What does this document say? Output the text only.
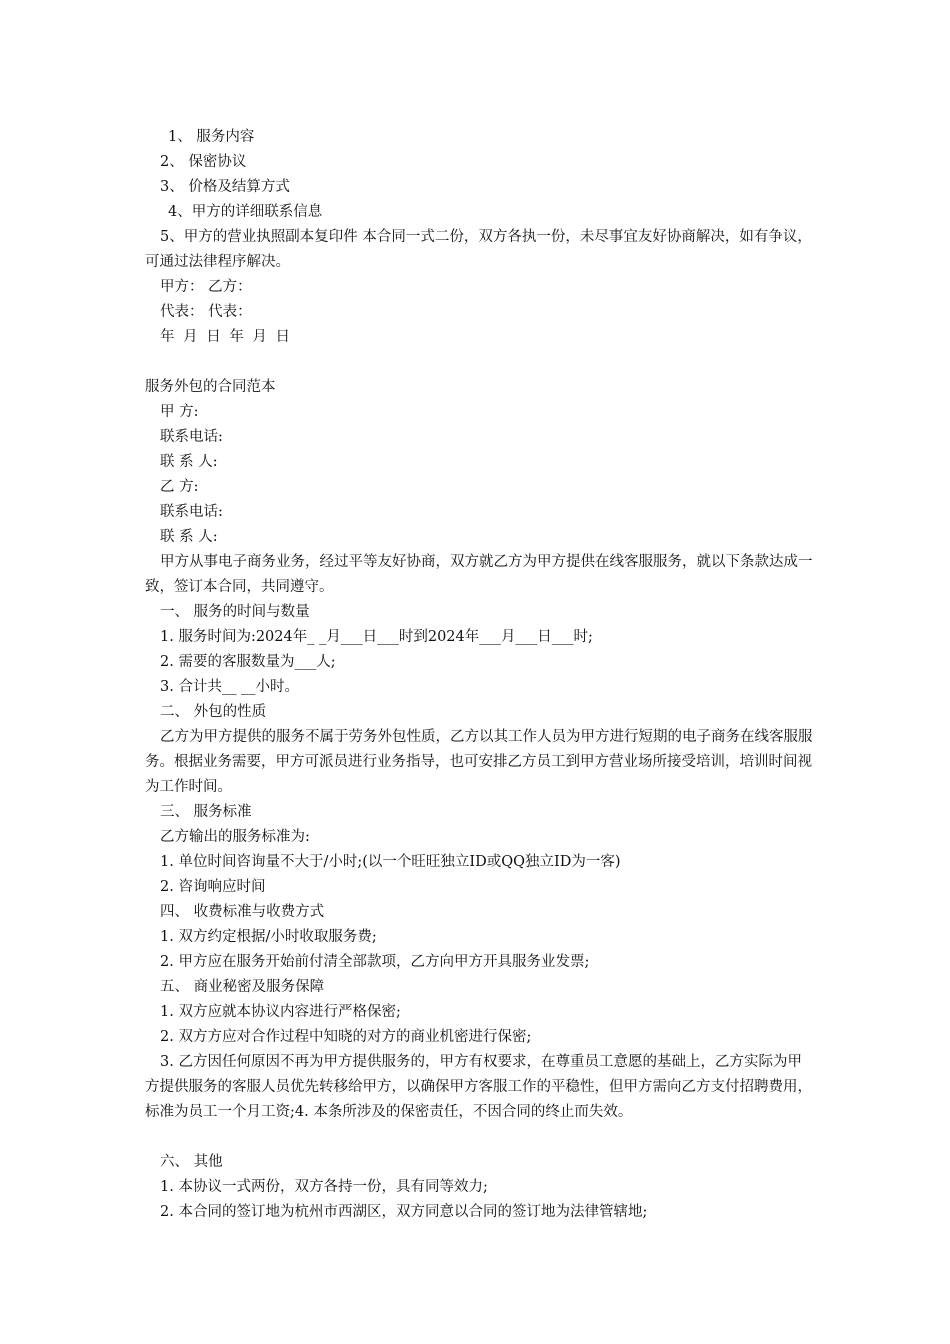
1、 服务内容
2、 保密协议
3、 价格及结算方式
4、甲方的详细联系信息
5、甲方的营业执照副本复印件 本合同一式二份，双方各执一份，未尽事宜友好协商解决，如有争议，可通过法律程序解决。
甲方： 乙方：
代表： 代表：
年 月 日 年 月 日
服务外包的合同范本
甲 方:
联系电话:
联 系 人:
乙 方:
联系电话:
联 系 人:
甲方从事电子商务业务，经过平等友好协商，双方就乙方为甲方提供在线客服服务，就以下条款达成一致，签订本合同，共同遵守。
一、 服务的时间与数量
1. 服务时间为:2024年_ _月___日___时到2024年___月___日___时;
2. 需要的客服数量为___人;
3. 合计共__ __小时。
二、 外包的性质
乙方为甲方提供的服务不属于劳务外包性质，乙方以其工作人员为甲方进行短期的电子商务在线客服服务。根据业务需要，甲方可派员进行业务指导，也可安排乙方员工到甲方营业场所接受培训，培训时间视为工作时间。
三、 服务标准
乙方输出的服务标准为:
1. 单位时间咨询量不大于/小时;(以一个旺旺独立ID或QQ独立ID为一客)
2. 咨询响应时间
四、 收费标准与收费方式
1. 双方约定根据/小时收取服务费;
2. 甲方应在服务开始前付清全部款项，乙方向甲方开具服务业发票;
五、 商业秘密及服务保障
1. 双方应就本协议内容进行严格保密;
2. 双方方应对合作过程中知晓的对方的商业机密进行保密;
3. 乙方因任何原因不再为甲方提供服务的，甲方有权要求，在尊重员工意愿的基础上，乙方实际为甲方提供服务的客服人员优先转移给甲方，以确保甲方客服工作的平稳性，但甲方需向乙方支付招聘费用，标准为员工一个月工资;4. 本条所涉及的保密责任，不因合同的终止而失效。
六、 其他
1. 本协议一式两份，双方各持一份，具有同等效力;
2. 本合同的签订地为杭州市西湖区，双方同意以合同的签订地为法律管辖地;
